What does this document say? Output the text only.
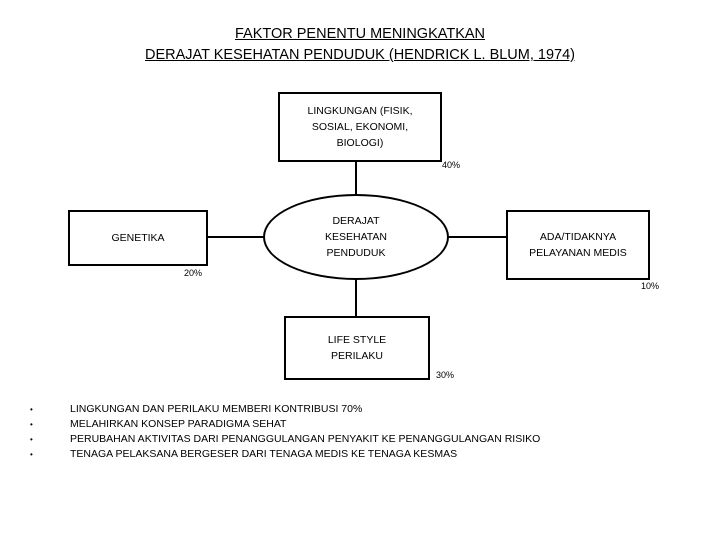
FAKTOR PENENTU MENINGKATKAN
DERAJAT KESEHATAN PENDUDUK (HENDRICK L. BLUM, 1974)
LINGKUNGAN (FISIK,
SOSIAL, EKONOMI,
BIOLOGI)
40%
DERAJAT
KESEHATAN
PENDUDUK
GENETIKA
20%
ADA/TIDAKNYA
PELAYANAN MEDIS
10%
LIFE STYLE
PERILAKU
30%
• LINGKUNGAN DAN PERILAKU MEMBERI KONTRIBUSI 70%
• MELAHIRKAN KONSEP PARADIGMA SEHAT
• PERUBAHAN AKTIVITAS DARI PENANGGULANGAN PENYAKIT KE PENANGGULANGAN RISIKO
• TENAGA PELAKSANA BERGESER DARI TENAGA MEDIS KE TENAGA KESMAS
